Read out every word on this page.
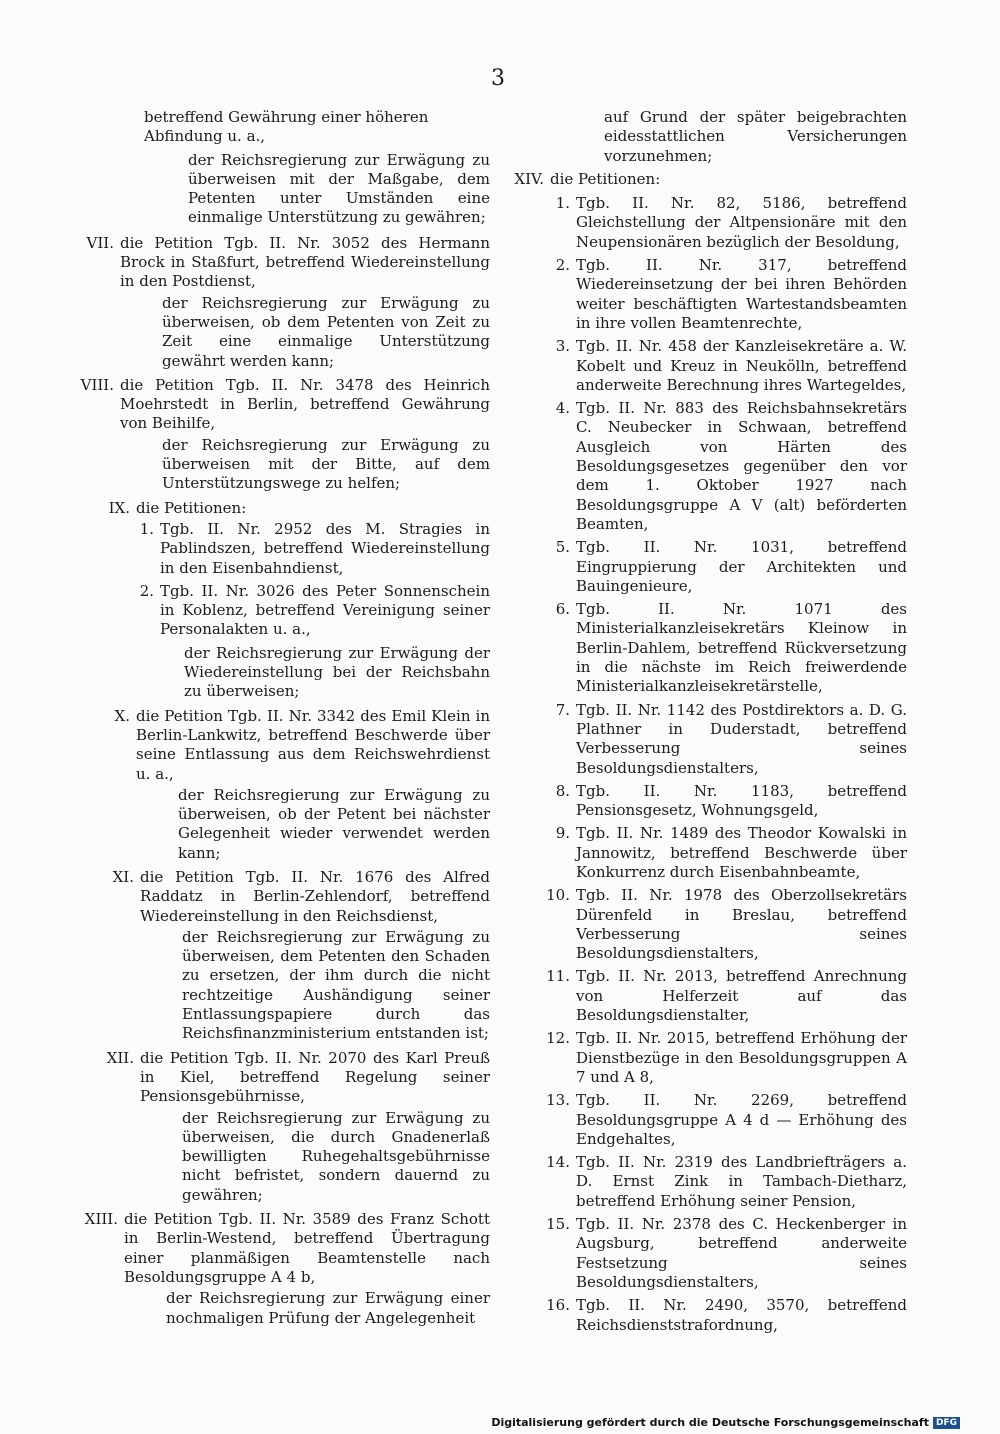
3
betreffend Gewährung einer höheren Abfindung u. a.,
der Reichsregierung zur Erwägung zu überweisen mit der Maßgabe, dem Petenten unter Umständen eine einmalige Unterstützung zu gewähren;
VII. die Petition Tgb. II. Nr. 3052 des Hermann Brock in Staßfurt, betreffend Wiedereinstellung in den Postdienst,
der Reichsregierung zur Erwägung zu überweisen, ob dem Petenten von Zeit zu Zeit eine einmalige Unterstützung gewährt werden kann;
VIII. die Petition Tgb. II. Nr. 3478 des Heinrich Moehrstedt in Berlin, betreffend Gewährung von Beihilfe,
der Reichsregierung zur Erwägung zu überweisen mit der Bitte, auf dem Unterstützungswege zu helfen;
IX. die Petitionen:
1. Tgb. II. Nr. 2952 des M. Stragies in Pablindszen, betreffend Wiedereinstellung in den Eisenbahndienst,
2. Tgb. II. Nr. 3026 des Peter Sonnenschein in Koblenz, betreffend Vereinigung seiner Personalakten u. a.,
der Reichsregierung zur Erwägung der Wiedereinstellung bei der Reichsbahn zu überweisen;
X. die Petition Tgb. II. Nr. 3342 des Emil Klein in Berlin-Lankwitz, betreffend Beschwerde über seine Entlassung aus dem Reichswehrdienst u. a.,
der Reichsregierung zur Erwägung zu überweisen, ob der Petent bei nächster Gelegenheit wieder verwendet werden kann;
XI. die Petition Tgb. II. Nr. 1676 des Alfred Raddatz in Berlin-Zehlendorf, betreffend Wiedereinstellung in den Reichsdienst,
der Reichsregierung zur Erwägung zu überweisen, dem Petenten den Schaden zu ersetzen, der ihm durch die nicht rechtzeitige Aushändigung seiner Entlassungspapiere durch das Reichsfinanzministerium entstanden ist;
XII. die Petition Tgb. II. Nr. 2070 des Karl Preuß in Kiel, betreffend Regelung seiner Pensionsgebührnisse,
der Reichsregierung zur Erwägung zu überweisen, die durch Gnadenerlaß bewilligten Ruhegehaltsgebührnisse nicht befristet, sondern dauernd zu gewähren;
XIII. die Petition Tgb. II. Nr. 3589 des Franz Schott in Berlin-Westend, betreffend Übertragung einer planmäßigen Beamtenstelle nach Besoldungsgruppe A 4 b,
der Reichsregierung zur Erwägung einer nochmaligen Prüfung der Angelegenheit
auf Grund der später beigebrachten eidesstattlichen Versicherungen vorzunehmen;
XIV. die Petitionen:
1. Tgb. II. Nr. 82, 5186, betreffend Gleichstellung der Altpensionäre mit den Neupensionären bezüglich der Besoldung,
2. Tgb. II. Nr. 317, betreffend Wiedereinsetzung der bei ihren Behörden weiter beschäftigten Wartestandsbeamten in ihre vollen Beamtenrechte,
3. Tgb. II. Nr. 458 der Kanzleisekretäre a. W. Kobelt und Kreuz in Neukölln, betreffend anderweite Berechnung ihres Wartegeldes,
4. Tgb. II. Nr. 883 des Reichsbahnsekretärs C. Neubecker in Schwaan, betreffend Ausgleich von Härten des Besoldungsgesetzes gegenüber den vor dem 1. Oktober 1927 nach Besoldungsgruppe A V (alt) beförderten Beamten,
5. Tgb. II. Nr. 1031, betreffend Eingruppierung der Architekten und Bauingenieure,
6. Tgb. II. Nr. 1071 des Ministerialkanzleisekretärs Kleinow in Berlin-Dahlem, betreffend Rückversetzung in die nächste im Reich freiwerdende Ministerialkanzleisekretärstelle,
7. Tgb. II. Nr. 1142 des Postdirektors a. D. G. Plathner in Duderstadt, betreffend Verbesserung seines Besoldungsdienstalters,
8. Tgb. II. Nr. 1183, betreffend Pensionsgesetz, Wohnungsgeld,
9. Tgb. II. Nr. 1489 des Theodor Kowalski in Jannowitz, betreffend Beschwerde über Konkurrenz durch Eisenbahnbeamte,
10. Tgb. II. Nr. 1978 des Oberzollsekretärs Dürenfeld in Breslau, betreffend Verbesserung seines Besoldungsdienstalters,
11. Tgb. II. Nr. 2013, betreffend Anrechnung von Helferzeit auf das Besoldungsdienstalter,
12. Tgb. II. Nr. 2015, betreffend Erhöhung der Dienstbezüge in den Besoldungsgruppen A 7 und A 8,
13. Tgb. II. Nr. 2269, betreffend Besoldungsgruppe A 4 d — Erhöhung des Endgehaltes,
14. Tgb. II. Nr. 2319 des Landbriefträgers a. D. Ernst Zink in Tambach-Dietharz, betreffend Erhöhung seiner Pension,
15. Tgb. II. Nr. 2378 des C. Heckenberger in Augsburg, betreffend anderweite Festsetzung seines Besoldungsdienstalters,
16. Tgb. II. Nr. 2490, 3570, betreffend Reichsdienststrafordnung,
Digitalisierung gefördert durch die Deutsche Forschungsgemeinschaft DFG
